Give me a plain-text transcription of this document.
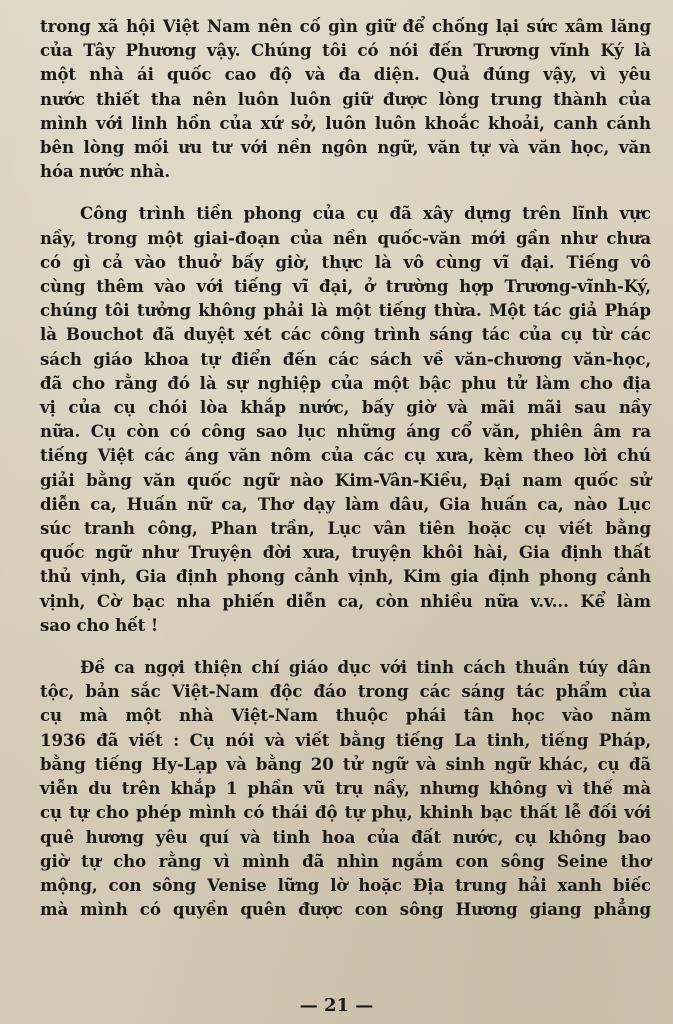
trong xã hội Việt Nam nên cố gìn giữ để chống lại sức xâm lăng
của Tây Phương vậy. Chúng tôi có nói đến Trương vĩnh Ký là
một nhà ái quốc cao độ và đa diện. Quả đúng vậy, vì yêu
nước thiết tha nên luôn luôn giữ được lòng trung thành của
mình với linh hồn của xứ sở, luôn luôn khoắc khoải, canh cánh
bên lòng mối ưu tư với nền ngôn ngữ, văn tự và văn học, văn
hóa nước nhà.

Công trình tiền phong của cụ đã xây dựng trên lĩnh vực
nầy, trong một giai-đoạn của nền quốc-văn mới gần như chưa
có gì cả vào thuở bấy giờ, thực là vô cùng vĩ đại. Tiếng vô
cùng thêm vào với tiếng vĩ đại, ở trường hợp Trương-vĩnh-Ký,
chúng tôi tưởng không phải là một tiếng thừa. Một tác giả Pháp
là Bouchot đã duyệt xét các công trình sáng tác của cụ từ các
sách giáo khoa tự điển đến các sách về văn-chương văn-học,
đã cho rằng đó là sự nghiệp của một bậc phu tử làm cho địa
vị của cụ chói lòa khắp nước, bấy giờ và mãi mãi sau nầy
nữa. Cụ còn có công sao lục những áng cổ văn, phiên âm ra
tiếng Việt các áng văn nôm của các cụ xưa, kèm theo lời chú
giải bằng văn quốc ngữ nào Kim-Vân-Kiều, Đại nam quốc sử
diễn ca, Huấn nữ ca, Thơ dạy làm dâu, Gia huấn ca, nào Lục
súc tranh công, Phan trần, Lục vân tiên hoặc cụ viết bằng
quốc ngữ như Truyện đời xưa, truyện khôi hài, Gia định thất
thủ vịnh, Gia định phong cảnh vịnh, Kim gia định phong cảnh
vịnh, Cờ bạc nha phiến diễn ca, còn nhiều nữa v.v... Kể làm
sao cho hết !

Đề ca ngợi thiện chí giáo dục với tinh cách thuần túy dân
tộc, bản sắc Việt-Nam độc đáo trong các sáng tác phẩm của
cụ mà một nhà Việt-Nam thuộc phái tân học vào năm
1936 đã viết : Cụ nói và viết bằng tiếng La tinh, tiếng Pháp,
bằng tiếng Hy-Lạp và bằng 20 tử ngữ và sinh ngữ khác, cụ đã
viễn du trên khắp 1 phần vũ trụ nầy, nhưng không vì thế mà
cụ tự cho phép mình có thái độ tự phụ, khinh bạc thất lễ đối với
quê hương yêu quí và tinh hoa của đất nước, cụ không bao
giờ tự cho rằng vì mình đã nhìn ngắm con sông Seine thơ
mộng, con sông Venise lững lờ hoặc Địa trung hải xanh biếc
mà mình có quyền quên được con sông Hương giang phẳng

— 21 —
